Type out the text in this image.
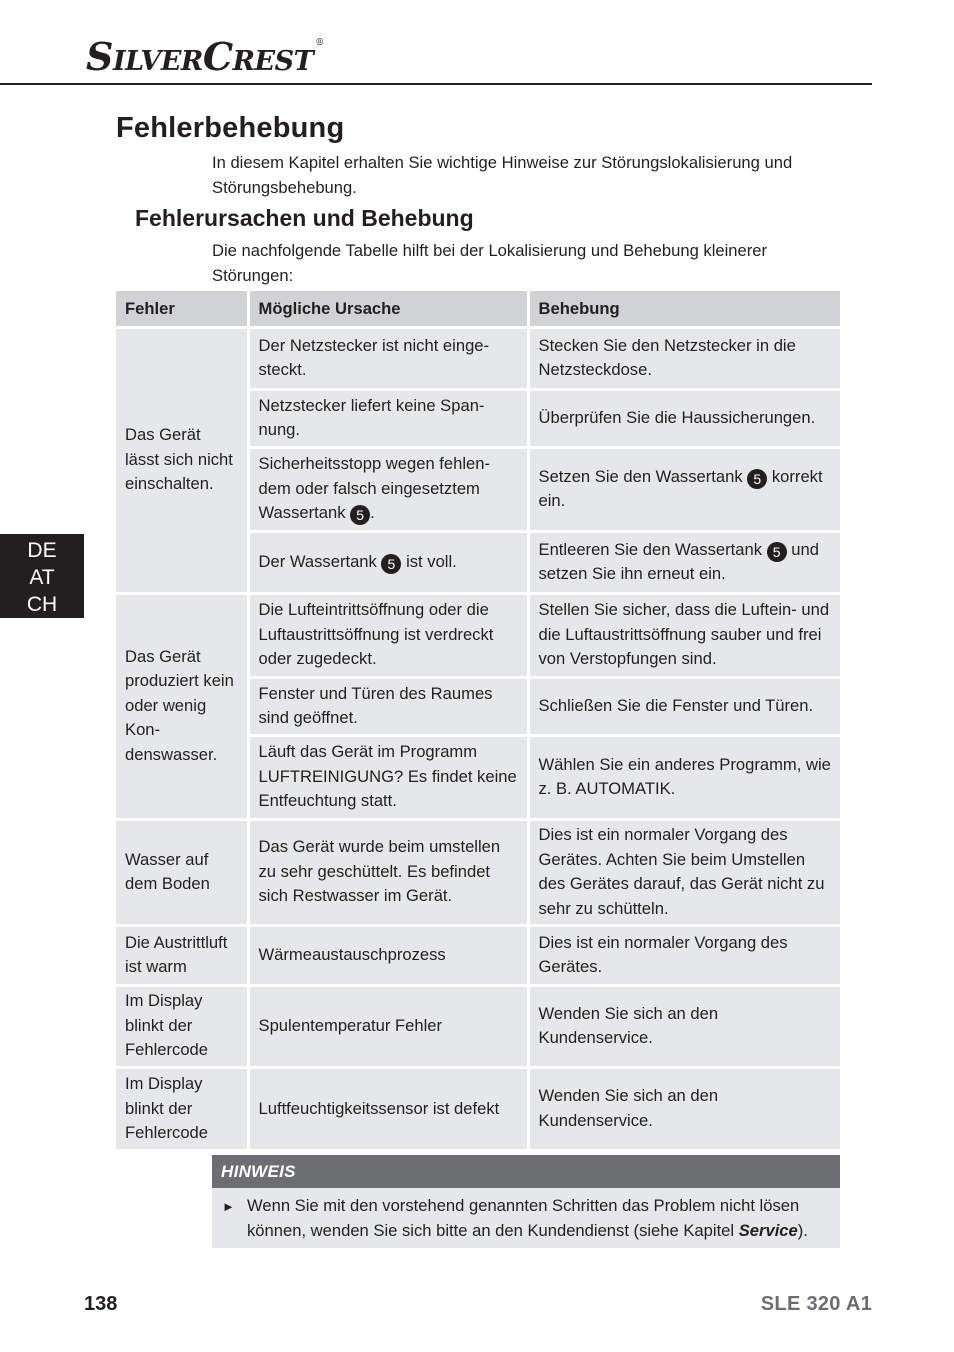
SILVERCREST®
Fehlerbehebung

In diesem Kapitel erhalten Sie wichtige Hinweise zur Störungslokalisierung und Störungsbehebung.

Fehlerursachen und Behebung

Die nachfolgende Tabelle hilft bei der Lokalisierung und Behebung kleinerer Störungen:

DE
AT
CH
Fehler	Mögliche Ursache	Behebung
Das Gerät lässt sich nicht einschalten.	Der Netzstecker ist nicht einge-steckt.	Stecken Sie den Netzstecker in die Netzsteckdose.
	Netzstecker liefert keine Span-nung.	Überprüfen Sie die Haussicherungen.
	Sicherheitsstopp wegen fehlen-dem oder falsch eingesetztem Wassertank 5 .	Setzen Sie den Wassertank 5 korrekt ein.
	Der Wassertank 5 ist voll.	Entleeren Sie den Wassertank 5 und setzen Sie ihn erneut ein.
Das Gerät produziert kein oder wenig Kon-denswasser.	Die Lufteintrittsöffnung oder die Luftaustrittsöffnung ist verdreckt oder zugedeckt.	Stellen Sie sicher, dass die Luftein- und die Luftaustrittsöffnung sauber und frei von Verstopfungen sind.
	Fenster und Türen des Raumes sind geöffnet.	Schließen Sie die Fenster und Türen.
	Läuft das Gerät im Programm LUFTREINIGUNG? Es findet keine Entfeuchtung statt.	Wählen Sie ein anderes Programm, wie z. B. AUTOMATIK.
Wasser auf dem Boden	Das Gerät wurde beim umstellen zu sehr geschüttelt. Es befindet sich Restwasser im Gerät.	Dies ist ein normaler Vorgang des Gerätes. Achten Sie beim Umstellen des Gerätes darauf, das Gerät nicht zu sehr zu schütteln.
Die Austrittluft ist warm	Wärmeaustauschprozess	Dies ist ein normaler Vorgang des Gerätes.
Im Display blinkt der Fehlercode	Spulentemperatur Fehler	Wenden Sie sich an den Kundenservice.
Im Display blinkt der Fehlercode	Luftfeuchtigkeitssensor ist defekt	Wenden Sie sich an den Kundenservice.
HINWEIS
► Wenn Sie mit den vorstehend genannten Schritten das Problem nicht lösen können, wenden Sie sich bitte an den Kundendienst (siehe Kapitel Service).
138	SLE 320 A1
